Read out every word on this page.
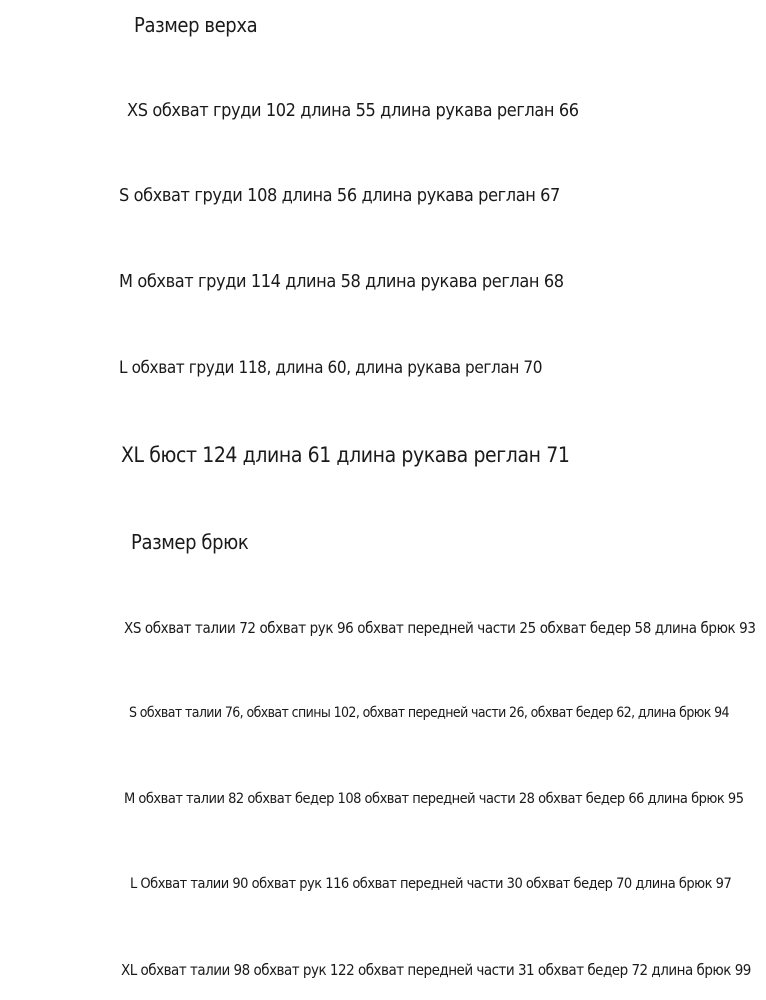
Размер верха
XS обхват груди 102 длина 55 длина рукава реглан 66
S обхват груди 108 длина 56 длина рукава реглан 67
M обхват груди 114 длина 58 длина рукава реглан 68
L обхват груди 118, длина 60, длина рукава реглан 70
XL бюст 124 длина 61 длина рукава реглан 71
Размер брюк
XS обхват талии 72 обхват рук 96 обхват передней части 25 обхват бедер 58 длина брюк 93
S обхват талии 76, обхват спины 102, обхват передней части 26, обхват бедер 62, длина брюк 94
M обхват талии 82 обхват бедер 108 обхват передней части 28 обхват бедер 66 длина брюк 95
L Обхват талии 90 обхват рук 116 обхват передней части 30 обхват бедер 70 длина брюк 97
XL обхват талии 98 обхват рук 122 обхват передней части 31 обхват бедер 72 длина брюк 99
